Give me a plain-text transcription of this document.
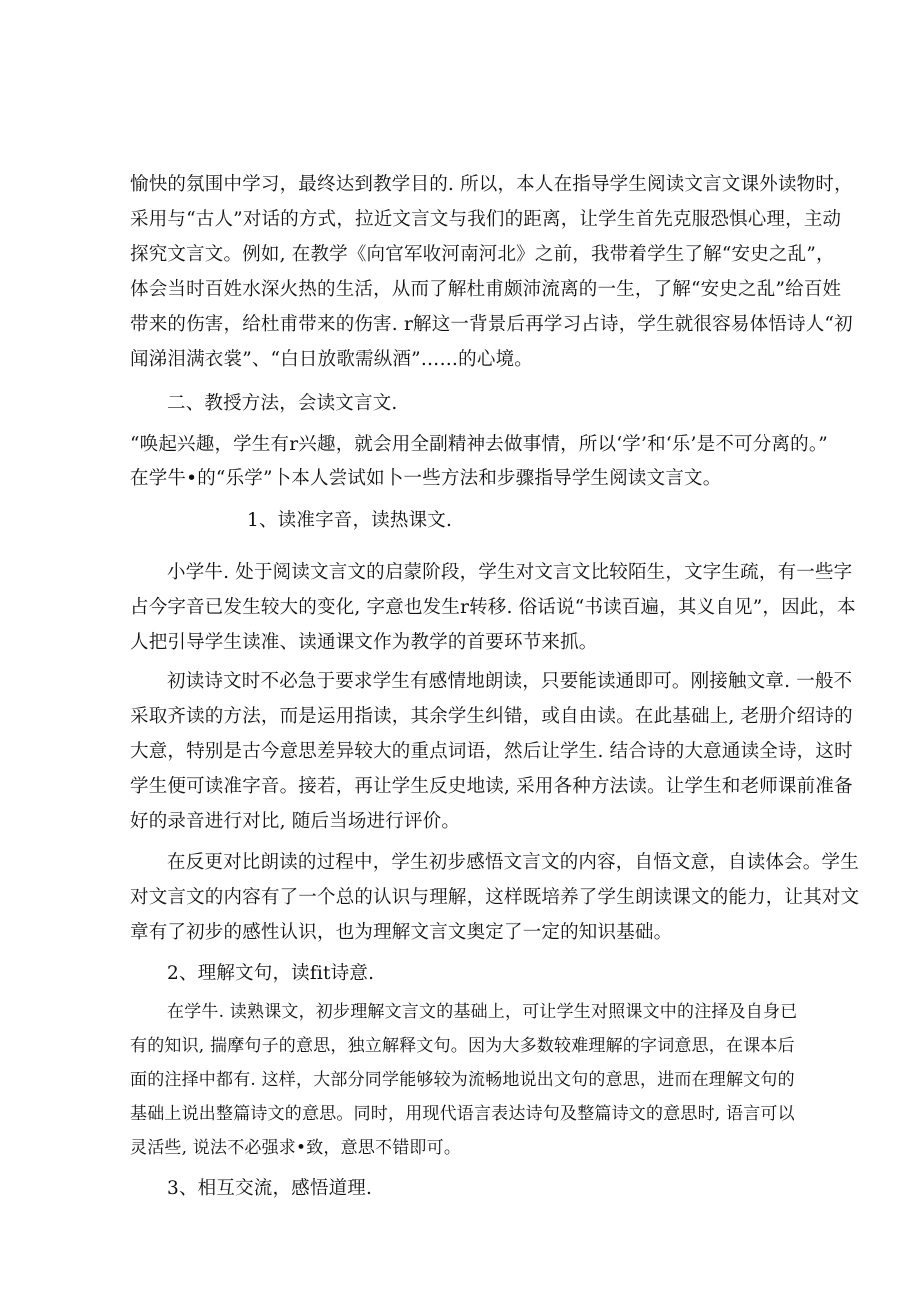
愉快的氛围中学习，最终达到教学目的. 所以，本人在指导学生阅读文言文课外读物时，
采用与“古人”对话的方式，拉近文言文与我们的距离，让学生首先克服恐惧心理，主动
探究文言文。例如, 在教学《向官军收河南河北》之前，我带着学生了解“安史之乱”，
体会当时百姓水深火热的生活，从而了解杜甫颇沛流离的一生，了解“安史之乱”给百姓
带来的伤害，给杜甫带来的伤害. r解这一背景后再学习占诗，学生就很容易体悟诗人“初
闻涕泪满衣裳”、“白日放歌需纵酒”……的心境。
二、教授方法，会读文言文.
“唤起兴趣，学生有r兴趣，就会用全副精神去做事情，所以‘学’和‘乐’是不可分离的。”
在学牛•的“乐学”卜本人尝试如卜一些方法和步骤指导学生阅读文言文。
1、读准字音，读热课文.
小学牛. 处于阅读文言文的启蒙阶段，学生对文言文比较陌生，文字生疏，有一些字
占今字音已发生较大的变化, 字意也发生r转移. 俗话说“书读百遍，其义自见”，因此，本
人把引导学生读准、读通课文作为教学的首要环节来抓。
初读诗文时不必急于要求学生有感情地朗读，只要能读通即可。刚接触文章. 一般不
采取齐读的方法，而是运用指读，其余学生纠错，或自由读。在此基础上, 老册介绍诗的
大意，特别是古今意思差异较大的重点词语，然后让学生. 结合诗的大意通读全诗，这时
学生便可读准字音。接若，再让学生反史地读, 采用各种方法读。让学生和老师课前准备
好的录音进行对比, 随后当场进行评价。
在反更对比朗读的过程中，学生初步感悟文言文的内容，自悟文意，自读体会。学生
对文言文的内容有了一个总的认识与理解，这样既培养了学生朗读课文的能力，让其对文
章有了初步的感性认识，也为理解文言文奥定了一定的知识基础。
2、理解文句，读fit诗意.
在学牛. 读熟课文，初步理解文言文的基础上，可让学生对照课文中的注择及自身已
有的知识, 揣摩句子的意思，独立解释文句。因为大多数较难理解的字词意思，在课本后
面的注择中都有. 这样，大部分同学能够较为流畅地说出文句的意思，进而在理解文句的
基础上说出整篇诗文的意思。同时，用现代语言表达诗句及整篇诗文的意思时, 语言可以
灵活些, 说法不必强求•致，意思不错即可。
3、相互交流，感悟道理.
